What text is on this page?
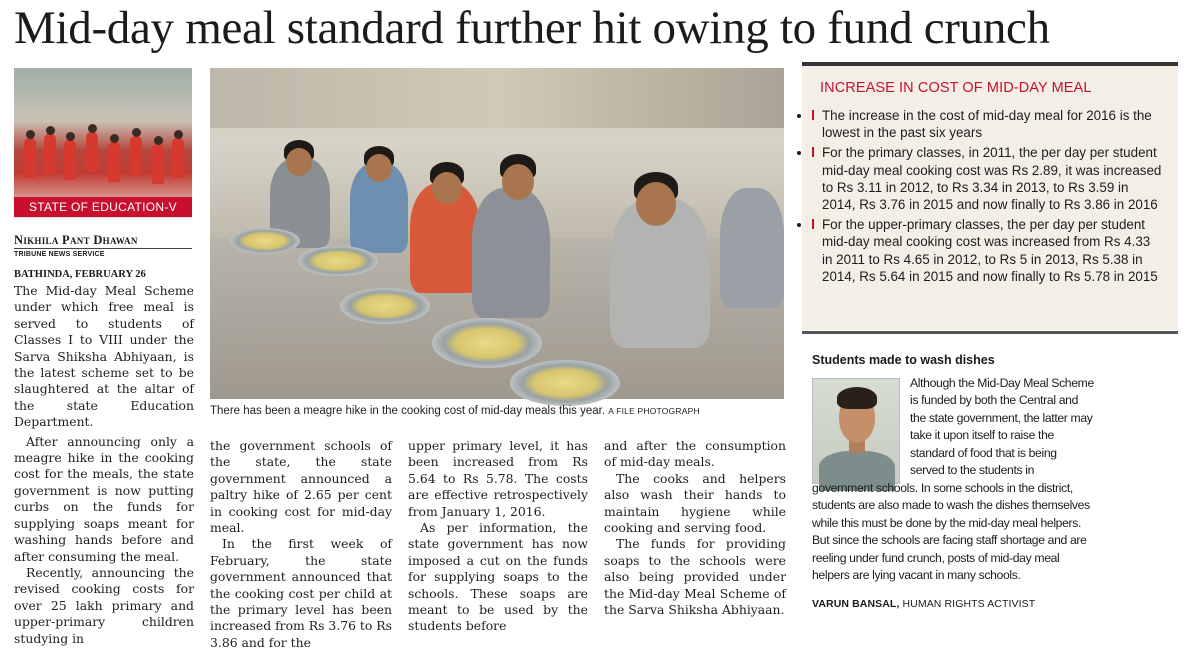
Mid-day meal standard further hit owing to fund crunch
STATE OF EDUCATION-V
There has been a meagre hike in the cooking cost of mid-day meals this year. A FILE PHOTOGRAPH
Nikhila Pant Dhawan
TRIBUNE NEWS SERVICE
BATHINDA, FEBRUARY 26

The Mid-day Meal Scheme under which free meal is served to students of Classes I to VIII under the Sarva Shiksha Abhiyaan, is the latest scheme set to be slaughtered at the altar of the state Education Department.

After announcing only a meagre hike in the cooking cost for the meals, the state government is now putting curbs on the funds for supplying soaps meant for washing hands before and after consuming the meal.

Recently, announcing the revised cooking costs for over 25 lakh primary and upper-primary children studying in

the government schools of the state, the state government announced a paltry hike of 2.65 per cent in cooking cost for mid-day meal.

In the first week of February, the state government announced that the cooking cost per child at the primary level has been increased from Rs 3.76 to Rs 3.86 and for the

upper primary level, it has been increased from Rs 5.64 to Rs 5.78. The costs are effective retrospectively from January 1, 2016.

As per information, the state government has now imposed a cut on the funds for supplying soaps to the schools. These soaps are meant to be used by the students before

and after the consumption of mid-day meals.

The cooks and helpers also wash their hands to maintain hygiene while cooking and serving food.

The funds for providing soaps to the schools were also being provided under the Mid-day Meal Scheme of the Sarva Shiksha Abhiyaan.

INCREASE IN COST OF MID-DAY MEAL
• The increase in the cost of mid-day meal for 2016 is the lowest in the past six years
• For the primary classes, in 2011, the per day per student mid-day meal cooking cost was Rs 2.89, it was increased to Rs 3.11 in 2012, to Rs 3.34 in 2013, to Rs 3.59 in 2014, Rs 3.76 in 2015 and now finally to Rs 3.86 in 2016
• For the upper-primary classes, the per day per student mid-day meal cooking cost was increased from Rs 4.33 in 2011 to Rs 4.65 in 2012, to Rs 5 in 2013, Rs 5.38 in 2014, Rs 5.64 in 2015 and now finally to Rs 5.78 in 2015
Students made to wash dishes
Although the Mid-Day Meal Scheme
is funded by both the Central and
the state government, the latter may
take it upon itself to raise the
standard of food that is being
served to the students in
government schools. In some schools in the district,
students are also made to wash the dishes themselves
while this must be done by the mid-day meal helpers.
But since the schools are facing staff shortage and are
reeling under fund crunch, posts of mid-day meal
helpers are lying vacant in many schools.
VARUN BANSAL, HUMAN RIGHTS ACTIVIST
